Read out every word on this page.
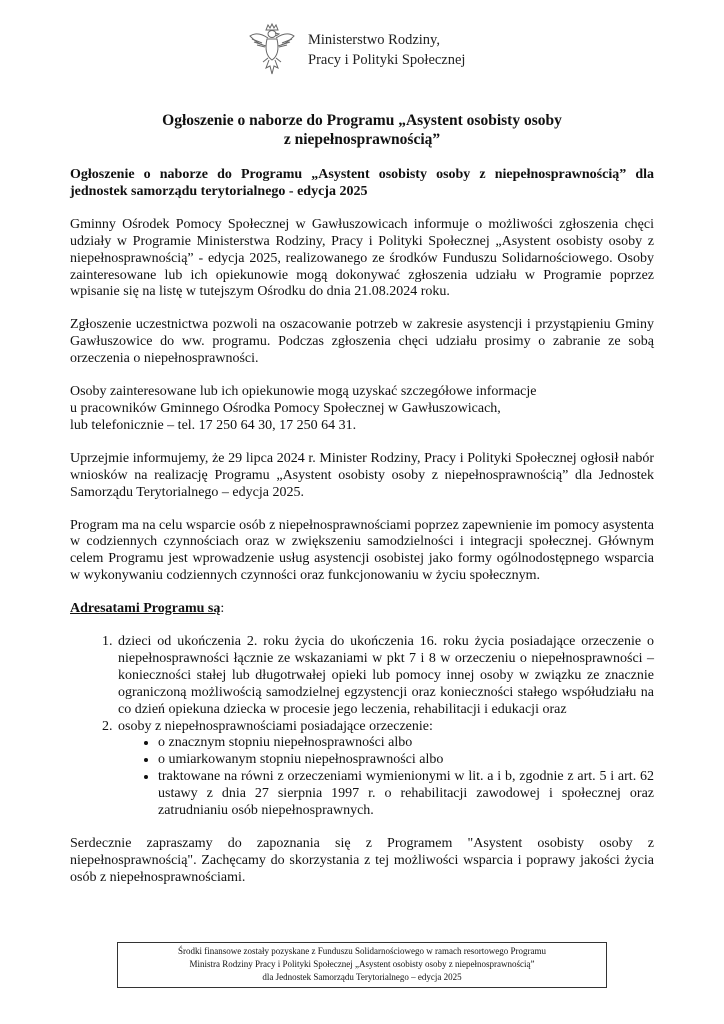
Ministerstwo Rodziny,
Pracy i Polityki Społecznej
Ogłoszenie o naborze do Programu „Asystent osobisty osoby
z niepełnosprawnością”

Ogłoszenie o naborze do Programu „Asystent osobisty osoby z niepełnosprawnością” dla jednostek samorządu terytorialnego - edycja 2025

Gminny Ośrodek Pomocy Społecznej w Gawłuszowicach informuje o możliwości zgłoszenia chęci udziały w Programie Ministerstwa Rodziny, Pracy i Polityki Społecznej „Asystent osobisty osoby z niepełnosprawnością” - edycja 2025, realizowanego ze środków Funduszu Solidarnościowego. Osoby zainteresowane lub ich opiekunowie mogą dokonywać zgłoszenia udziału w Programie poprzez wpisanie się na listę w tutejszym Ośrodku do dnia 21.08.2024 roku.

Zgłoszenie uczestnictwa pozwoli na oszacowanie potrzeb w zakresie asystencji i przystąpieniu Gminy Gawłuszowice do ww. programu. Podczas zgłoszenia chęci udziału prosimy o zabranie ze sobą orzeczenia o niepełnosprawności.

Osoby zainteresowane lub ich opiekunowie mogą uzyskać szczegółowe informacje
u pracowników Gminnego Ośrodka Pomocy Społecznej w Gawłuszowicach,
lub telefonicznie – tel. 17 250 64 30, 17 250 64 31.

Uprzejmie informujemy, że 29 lipca 2024 r. Minister Rodziny, Pracy i Polityki Społecznej ogłosił nabór wniosków na realizację Programu „Asystent osobisty osoby z niepełnosprawnością” dla Jednostek Samorządu Terytorialnego – edycja 2025.

Program ma na celu wsparcie osób z niepełnosprawnościami poprzez zapewnienie im pomocy asystenta w codziennych czynnościach oraz w zwiększeniu samodzielności i integracji społecznej. Głównym celem Programu jest wprowadzenie usług asystencji osobistej jako formy ogólnodostępnego wsparcia w wykonywaniu codziennych czynności oraz funkcjonowaniu w życiu społecznym.

Adresatami Programu są:

1. dzieci od ukończenia 2. roku życia do ukończenia 16. roku życia posiadające orzeczenie o niepełnosprawności łącznie ze wskazaniami w pkt 7 i 8 w orzeczeniu o niepełnosprawności – konieczności stałej lub długotrwałej opieki lub pomocy innej osoby w związku ze znacznie ograniczoną możliwością samodzielnej egzystencji oraz konieczności stałego współudziału na co dzień opiekuna dziecka w procesie jego leczenia, rehabilitacji i edukacji oraz
2. osoby z niepełnosprawnościami posiadające orzeczenie:
• o znacznym stopniu niepełnosprawności albo
• o umiarkowanym stopniu niepełnosprawności albo
• traktowane na równi z orzeczeniami wymienionymi w lit. a i b, zgodnie z art. 5 i art. 62 ustawy z dnia 27 sierpnia 1997 r. o rehabilitacji zawodowej i społecznej oraz zatrudnianiu osób niepełnosprawnych.

Serdecznie zapraszamy do zapoznania się z Programem "Asystent osobisty osoby z niepełnosprawnością". Zachęcamy do skorzystania z tej możliwości wsparcia i poprawy jakości życia osób z niepełnosprawnościami.

Środki finansowe zostały pozyskane z Funduszu Solidarnościowego w ramach resortowego Programu
Ministra Rodziny Pracy i Polityki Społecznej „Asystent osobisty osoby z niepełnosprawnością”
dla Jednostek Samorządu Terytorialnego – edycja 2025
